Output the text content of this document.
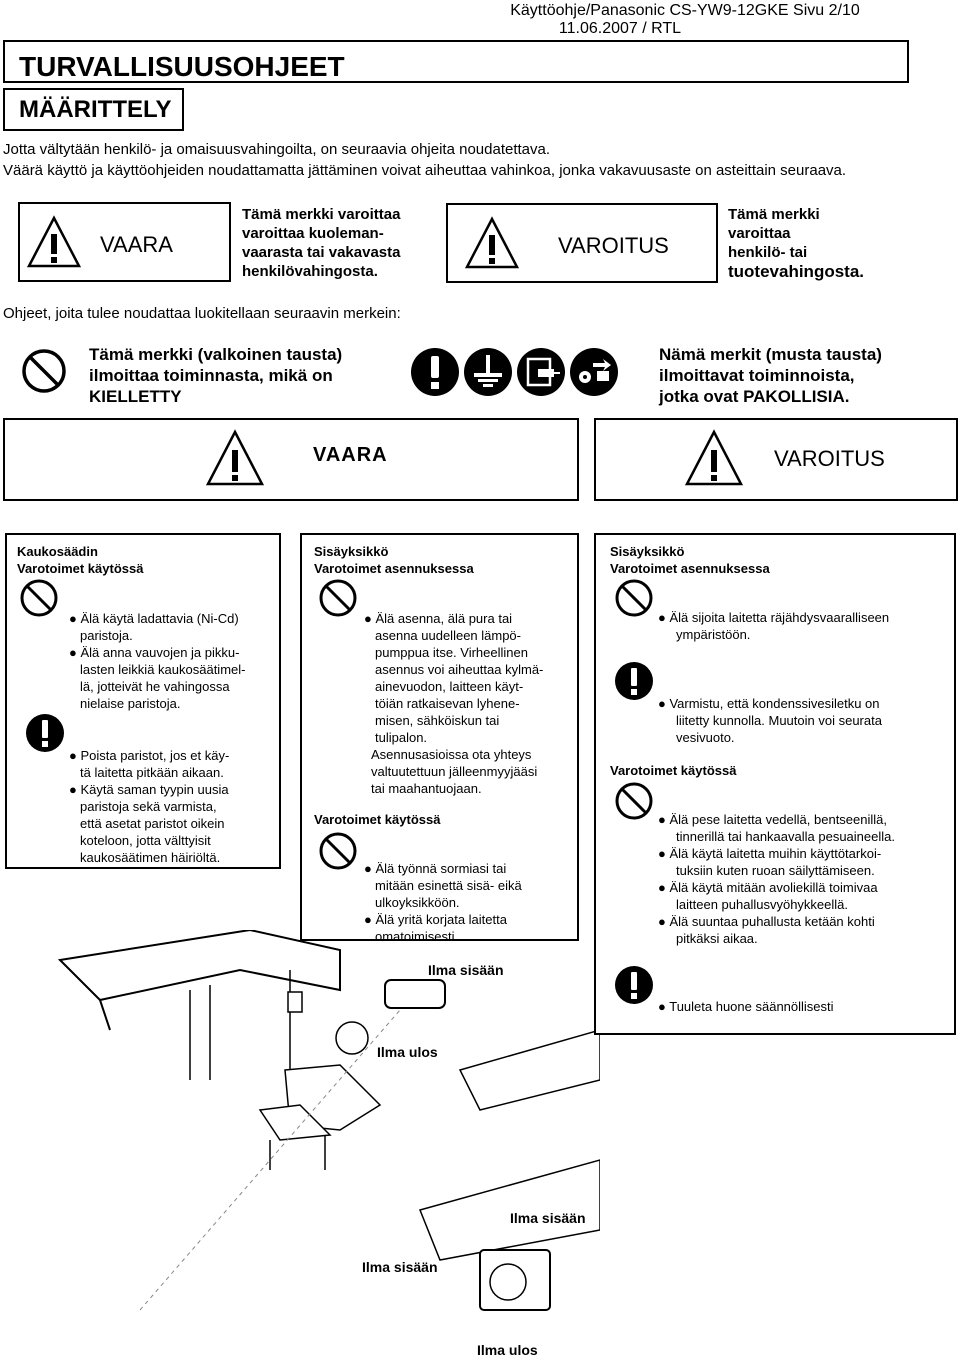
Käyttöohje/Panasonic CS-YW9-12GKE Sivu 2/10
11.06.2007 / RTL
TURVALLISUUSOHJEET
MÄÄRITTELY
Jotta vältytään henkilö- ja omaisuusvahingoilta, on seuraavia ohjeita noudatettava.
Väärä käyttö ja käyttöohjeiden noudattamatta jättäminen voivat aiheuttaa vahinkoa, jonka vakavuusaste on asteittain seuraava.
VAARA
Tämä merkki varoittaa
varoittaa kuoleman-
vaarasta tai vakavasta
henkilövahingosta.
VAROITUS
Tämä merkki
varoittaa
henkilö- tai
tuotevahingosta.
Ohjeet, joita tulee noudattaa luokitellaan seuraavin merkein:
Tämä merkki (valkoinen tausta)
ilmoittaa toiminnasta, mikä on
KIELLETTY
Nämä merkit (musta tausta)
ilmoittavat toiminnoista,
jotka ovat PAKOLLISIA.
VAARA	VAROITUS
Ilma sisään
Ilma ulos
Ilma sisään
Ilma sisään
Ilma ulos
Kaukosäädin
Varotoimet käytössä
● Älä käytä ladattavia (Ni-Cd)
paristoja.
● Älä anna vauvojen ja pikku-
lasten leikkiä kaukosäätimel-
lä, jotteivät he vahingossa
nielaise paristoja.
● Poista paristot, jos et käy-
tä laitetta pitkään aikaan.
● Käytä saman tyypin uusia
paristoja sekä varmista,
että asetat paristot oikein
koteloon, jotta välttyisit
kaukosäätimen häiriöltä.
Sisäyksikkö
Varotoimet asennuksessa
● Älä asenna, älä pura tai
asenna uudelleen lämpö-
pumppua itse. Virheellinen
asennus voi aiheuttaa kylmä-
ainevuodon, laitteen käyt-
töiän ratkaisevan lyhene-
misen, sähköiskun tai
tulipalon.
Asennusasioissa ota yhteys
valtuutettuun jälleenmyyjääsi
tai maahantuojaan.
Varotoimet käytössä
● Älä työnnä sormiasi tai
mitään esinettä sisä- eikä
ulkoyksikköön.
● Älä yritä korjata laitetta
omatoimisesti.
Sisäyksikkö
Varotoimet asennuksessa
● Älä sijoita laitetta räjähdysvaaralliseen
ympäristöön.
● Varmistu, että kondenssivesiletku on
liitetty kunnolla. Muutoin voi seurata
vesivuoto.
Varotoimet käytössä
● Älä pese laitetta vedellä, bentseenillä,
tinnerillä tai hankaavalla pesuaineella.
● Älä käytä laitetta muihin käyttötarkoi-
tuksiin kuten ruoan säilyttämiseen.
● Älä käytä mitään avoliekillä toimivaa
laitteen puhallusvyöhykkeellä.
● Älä suuntaa puhallusta ketään kohti
pitkäksi aikaa.
● Tuuleta huone säännöllisesti
